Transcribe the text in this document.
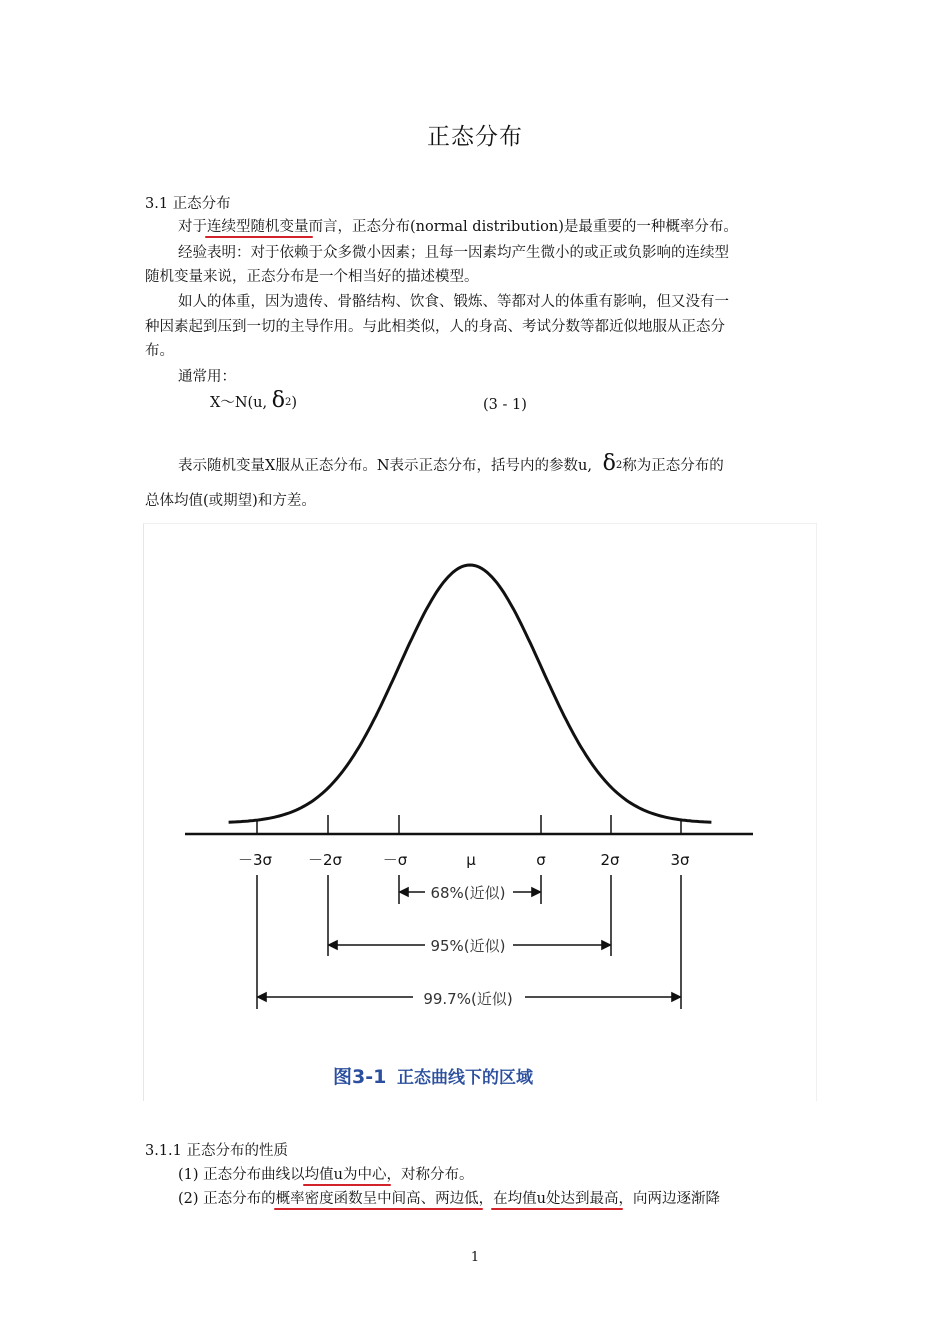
正态分布
3.1 正态分布
对于连续型随机变量而言，正态分布(normal distribution)是最重要的一种概率分布。
经验表明：对于依赖于众多微小因素；且每一因素均产生微小的或正或负影响的连续型
随机变量来说，正态分布是一个相当好的描述模型。
如人的体重，因为遗传、骨骼结构、饮食、锻炼、等都对人的体重有影响，但又没有一
种因素起到压到一切的主导作用。与此相类似，人的身高、考试分数等都近似地服从正态分
布。
通常用：
X～N(u, δ2)	(3 - 1)
表示随机变量X服从正态分布。N表示正态分布，括号内的参数u, δ2称为正态分布的
总体均值(或期望)和方差。
－3σ －2σ	－σ	μ	σ	2σ	3σ
68%(近似)
95%(近似)
99.7%(近似)
图3-1 正态曲线下的区域
3.1.1 正态分布的性质
(1) 正态分布曲线以均值u为中心，对称分布。
(2) 正态分布的概率密度函数呈中间高、两边低，在均值u处达到最高，向两边逐渐降
1
